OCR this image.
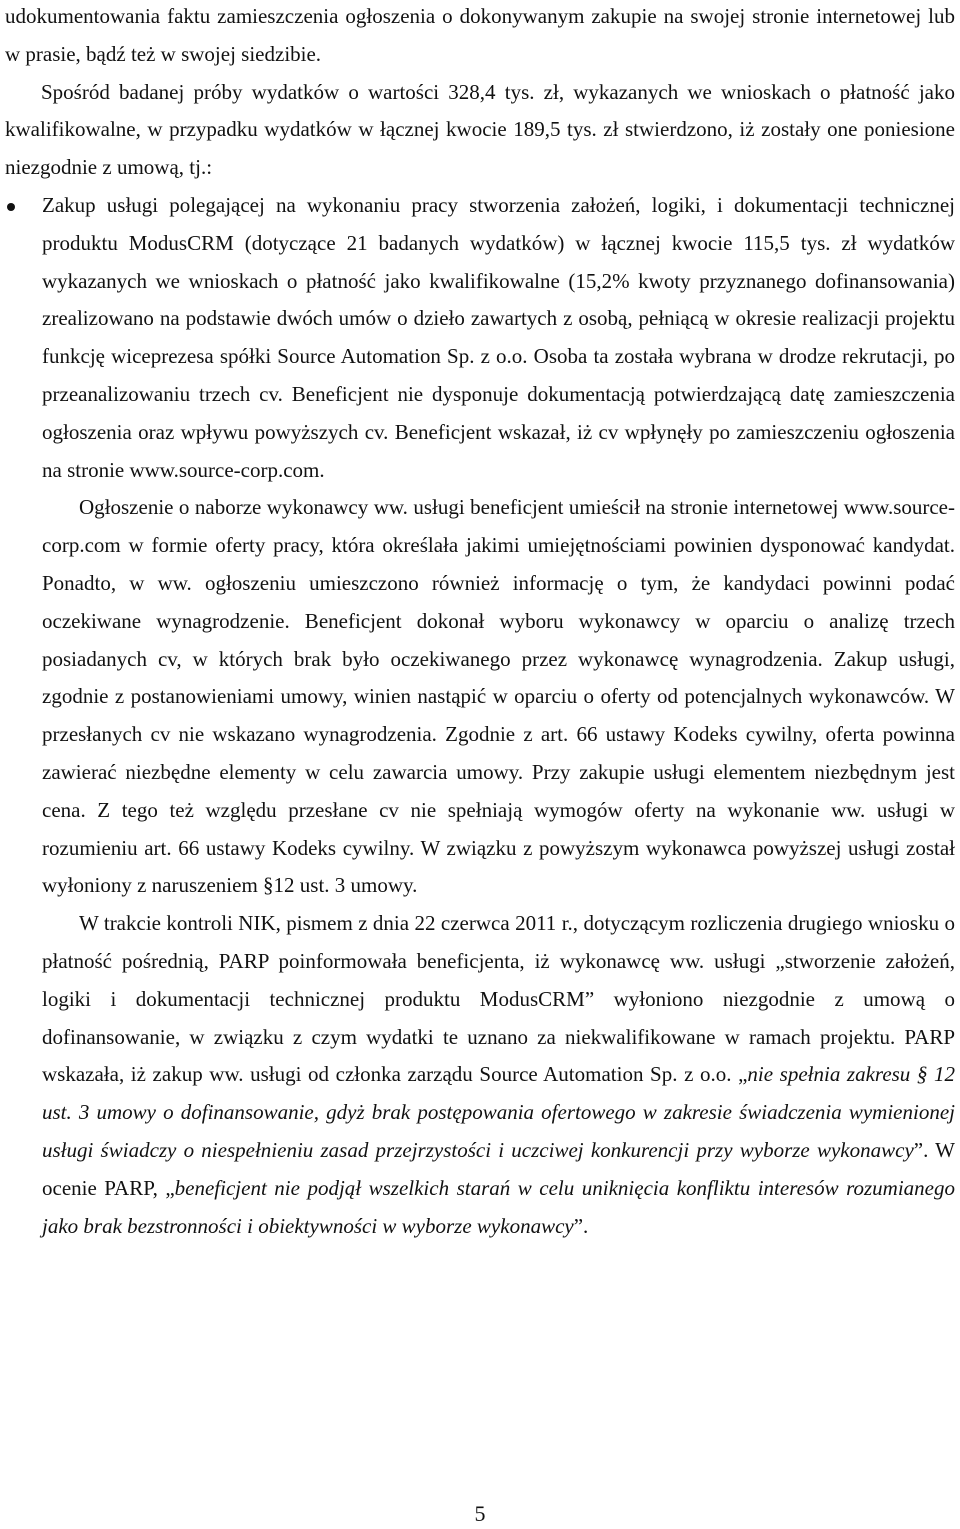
udokumentowania faktu zamieszczenia ogłoszenia o dokonywanym zakupie na swojej stronie internetowej lub w prasie, bądź też w swojej siedzibie.

Spośród badanej próby wydatków o wartości 328,4 tys. zł, wykazanych we wnioskach o płatność jako kwalifikowalne, w przypadku wydatków w łącznej kwocie 189,5 tys. zł stwierdzono, iż zostały one poniesione niezgodnie z umową, tj.:

Zakup usługi polegającej na wykonaniu pracy stworzenia założeń, logiki, i dokumentacji technicznej produktu ModusCRM (dotyczące 21 badanych wydatków) w łącznej kwocie 115,5 tys. zł wydatków wykazanych we wnioskach o płatność jako kwalifikowalne (15,2% kwoty przyznanego dofinansowania) zrealizowano na podstawie dwóch umów o dzieło zawartych z osobą, pełniącą w okresie realizacji projektu funkcję wiceprezesa spółki Source Automation Sp. z o.o. Osoba ta została wybrana w drodze rekrutacji, po przeanalizowaniu trzech cv. Beneficjent nie dysponuje dokumentacją potwierdzającą datę zamieszczenia ogłoszenia oraz wpływu powyższych cv. Beneficjent wskazał, iż cv wpłynęły po zamieszczeniu ogłoszenia na stronie www.source-corp.com.

Ogłoszenie o naborze wykonawcy ww. usługi beneficjent umieścił na stronie internetowej www.source-corp.com w formie oferty pracy, która określała jakimi umiejętnościami powinien dysponować kandydat. Ponadto, w ww. ogłoszeniu umieszczono również informację o tym, że kandydaci powinni podać oczekiwane wynagrodzenie. Beneficjent dokonał wyboru wykonawcy w oparciu o analizę trzech posiadanych cv, w których brak było oczekiwanego przez wykonawcę wynagrodzenia. Zakup usługi, zgodnie z postanowieniami umowy, winien nastąpić w oparciu o oferty od potencjalnych wykonawców. W przesłanych cv nie wskazano wynagrodzenia. Zgodnie z art. 66 ustawy Kodeks cywilny, oferta powinna zawierać niezbędne elementy w celu zawarcia umowy. Przy zakupie usługi elementem niezbędnym jest cena. Z tego też względu przesłane cv nie spełniają wymogów oferty na wykonanie ww. usługi w rozumieniu art. 66 ustawy Kodeks cywilny. W związku z powyższym wykonawca powyższej usługi został wyłoniony z naruszeniem §12 ust. 3 umowy.

W trakcie kontroli NIK, pismem z dnia 22 czerwca 2011 r., dotyczącym rozliczenia drugiego wniosku o płatność pośrednią, PARP poinformowała beneficjenta, iż wykonawcę ww. usługi „stworzenie założeń, logiki i dokumentacji technicznej produktu ModusCRM” wyłoniono niezgodnie z umową o dofinansowanie, w związku z czym wydatki te uznano za niekwalifikowane w ramach projektu. PARP wskazała, iż zakup ww. usługi od członka zarządu Source Automation Sp. z o.o. „nie spełnia zakresu § 12 ust. 3 umowy o dofinansowanie, gdyż brak postępowania ofertowego w zakresie świadczenia wymienionej usługi świadczy o niespełnieniu zasad przejrzystości i uczciwej konkurencji przy wyborze wykonawcy”. W ocenie PARP, „beneficjent nie podjął wszelkich starań w celu uniknięcia konfliktu interesów rozumianego jako brak bezstronności i obiektywności w wyborze wykonawcy”.

5
